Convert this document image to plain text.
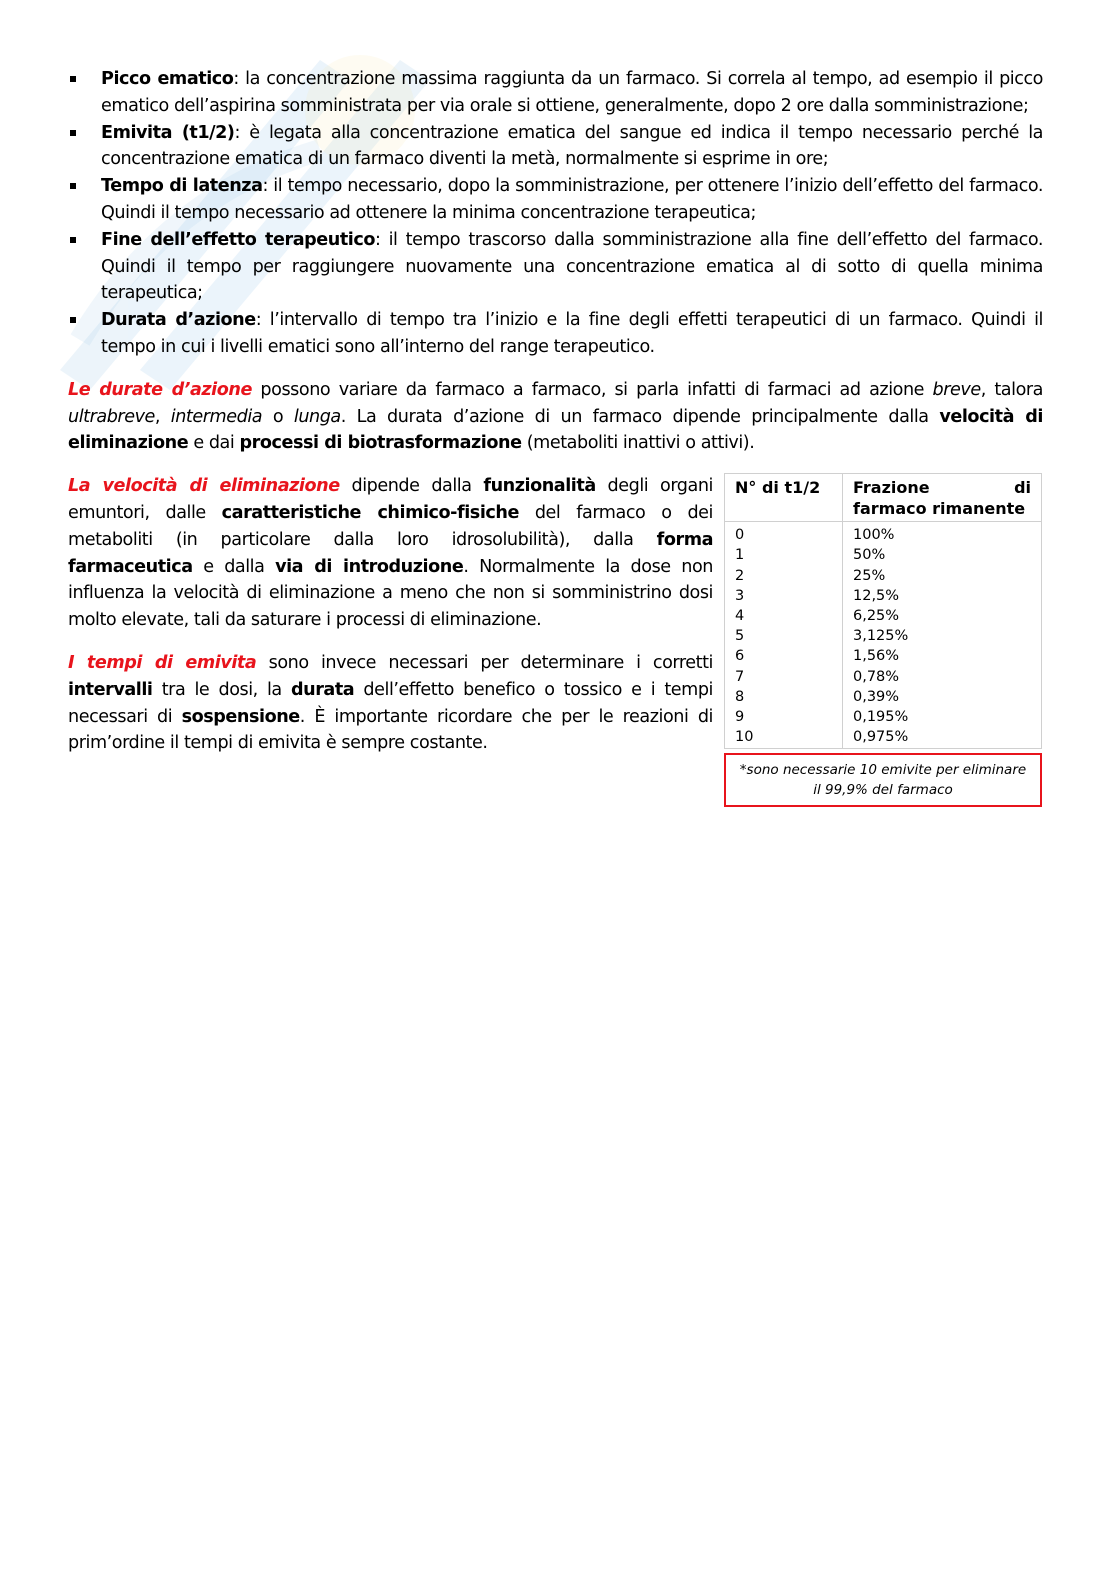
Picco ematico: la concentrazione massima raggiunta da un farmaco. Si correla al tempo, ad esempio il picco ematico dell’aspirina somministrata per via orale si ottiene, generalmente, dopo 2 ore dalla somministrazione;
Emivita (t1/2): è legata alla concentrazione ematica del sangue ed indica il tempo necessario perché la concentrazione ematica di un farmaco diventi la metà, normalmente si esprime in ore;
Tempo di latenza: il tempo necessario, dopo la somministrazione, per ottenere l’inizio dell’effetto del farmaco. Quindi il tempo necessario ad ottenere la minima concentrazione terapeutica;
Fine dell’effetto terapeutico: il tempo trascorso dalla somministrazione alla fine dell’effetto del farmaco. Quindi il tempo per raggiungere nuovamente una concentrazione ematica al di sotto di quella minima terapeutica;
Durata d’azione: l’intervallo di tempo tra l’inizio e la fine degli effetti terapeutici di un farmaco. Quindi il tempo in cui i livelli ematici sono all’interno del range terapeutico.

Le durate d’azione possono variare da farmaco a farmaco, si parla infatti di farmaci ad azione breve, talora ultrabreve, intermedia o lunga. La durata d’azione di un farmaco dipende principalmente dalla velocità di eliminazione e dai processi di biotrasformazione (metaboliti inattivi o attivi).

La velocità di eliminazione dipende dalla funzionalità degli organi emuntori, dalle caratteristiche chimico-fisiche del farmaco o dei metaboliti (in particolare dalla loro idrosolubilità), dalla forma farmaceutica e dalla via di introduzione. Normalmente la dose non influenza la velocità di eliminazione a meno che non si somministrino dosi molto elevate, tali da saturare i processi di eliminazione.

I tempi di emivita sono invece necessari per determinare i corretti intervalli tra le dosi, la durata dell’effetto benefico o tossico e i tempi necessari di sospensione. È importante ricordare che per le reazioni di prim’ordine il tempi di emivita è sempre costante.

N° di t1/2	Frazione di
farmaco rimanente

0	100%
1	50%
2	25%
3	12,5%
4	6,25%
5	3,125%
6	1,56%
7	0,78%
8	0,39%
9	0,195%
10	0,975%
*sono necessarie 10 emivite per eliminare il 99,9% del farmaco
